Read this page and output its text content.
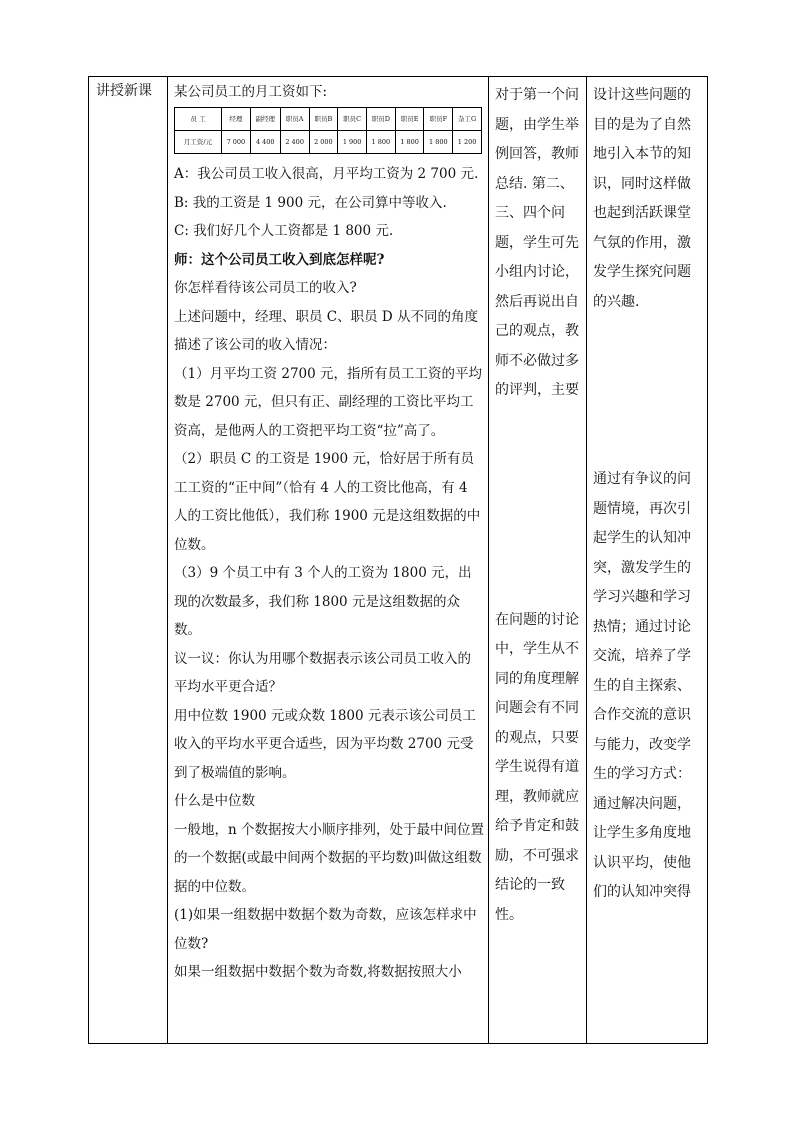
讲授新课	某公司员工的月工资如下:

员 工	经理	副经理	职员A	职员B	职员C	职员D	职员E	职员F	杂工G
月工资/元	7 000	4 400	2 400	2 000	1 900	1 800	1 800	1 800	1 200

A：我公司员工收入很高，月平均工资为 2 700 元.

B: 我的工资是 1 900 元，在公司算中等收入.

C: 我们好几个人工资都是 1 800 元.

师：这个公司员工收入到底怎样呢?

你怎样看待该公司员工的收入?

上述问题中，经理、职员 C、职员 D 从不同的角度描述了该公司的收入情况：

（1）月平均工资 2700 元，指所有员工工资的平均数是 2700 元，但只有正、副经理的工资比平均工资高，是他两人的工资把平均工资“拉”高了。

（2）职员 C 的工资是 1900 元，恰好居于所有员工工资的“正中间”（恰有 4 人的工资比他高，有 4 人的工资比他低），我们称 1900 元是这组数据的中位数。

（3）9 个员工中有 3 个人的工资为 1800 元，出现的次数最多，我们称 1800 元是这组数据的众数。

议一议：你认为用哪个数据表示该公司员工收入的平均水平更合适？

用中位数 1900 元或众数 1800 元表示该公司员工收入的平均水平更合适些，因为平均数 2700 元受到了极端值的影响。

什么是中位数

一般地，n 个数据按大小顺序排列，处于最中间位置的一个数据(或最中间两个数据的平均数)叫做这组数据的中位数。

(1)如果一组数据中数据个数为奇数，应该怎样求中位数?

如果一组数据中数据个数为奇数,将数据按照大小

对于第一个问题，由学生举例回答，教师总结. 第二、三、四个问题，学生可先小组内讨论，然后再说出自己的观点，教师不必做过多的评判，主要

在问题的讨论中，学生从不同的角度理解问题会有不同的观点，只要学生说得有道理，教师就应给予肯定和鼓励，不可强求结论的一致性。

设计这些问题的目的是为了自然地引入本节的知识，同时这样做也起到活跃课堂气氛的作用，激发学生探究问题的兴趣.

通过有争议的问题情境，再次引起学生的认知冲突，激发学生的学习兴趣和学习热情；通过讨论交流，培养了学生的自主探索、合作交流的意识与能力，改变学生的学习方式：通过解决问题，让学生多角度地认识平均，使他们的认知冲突得
